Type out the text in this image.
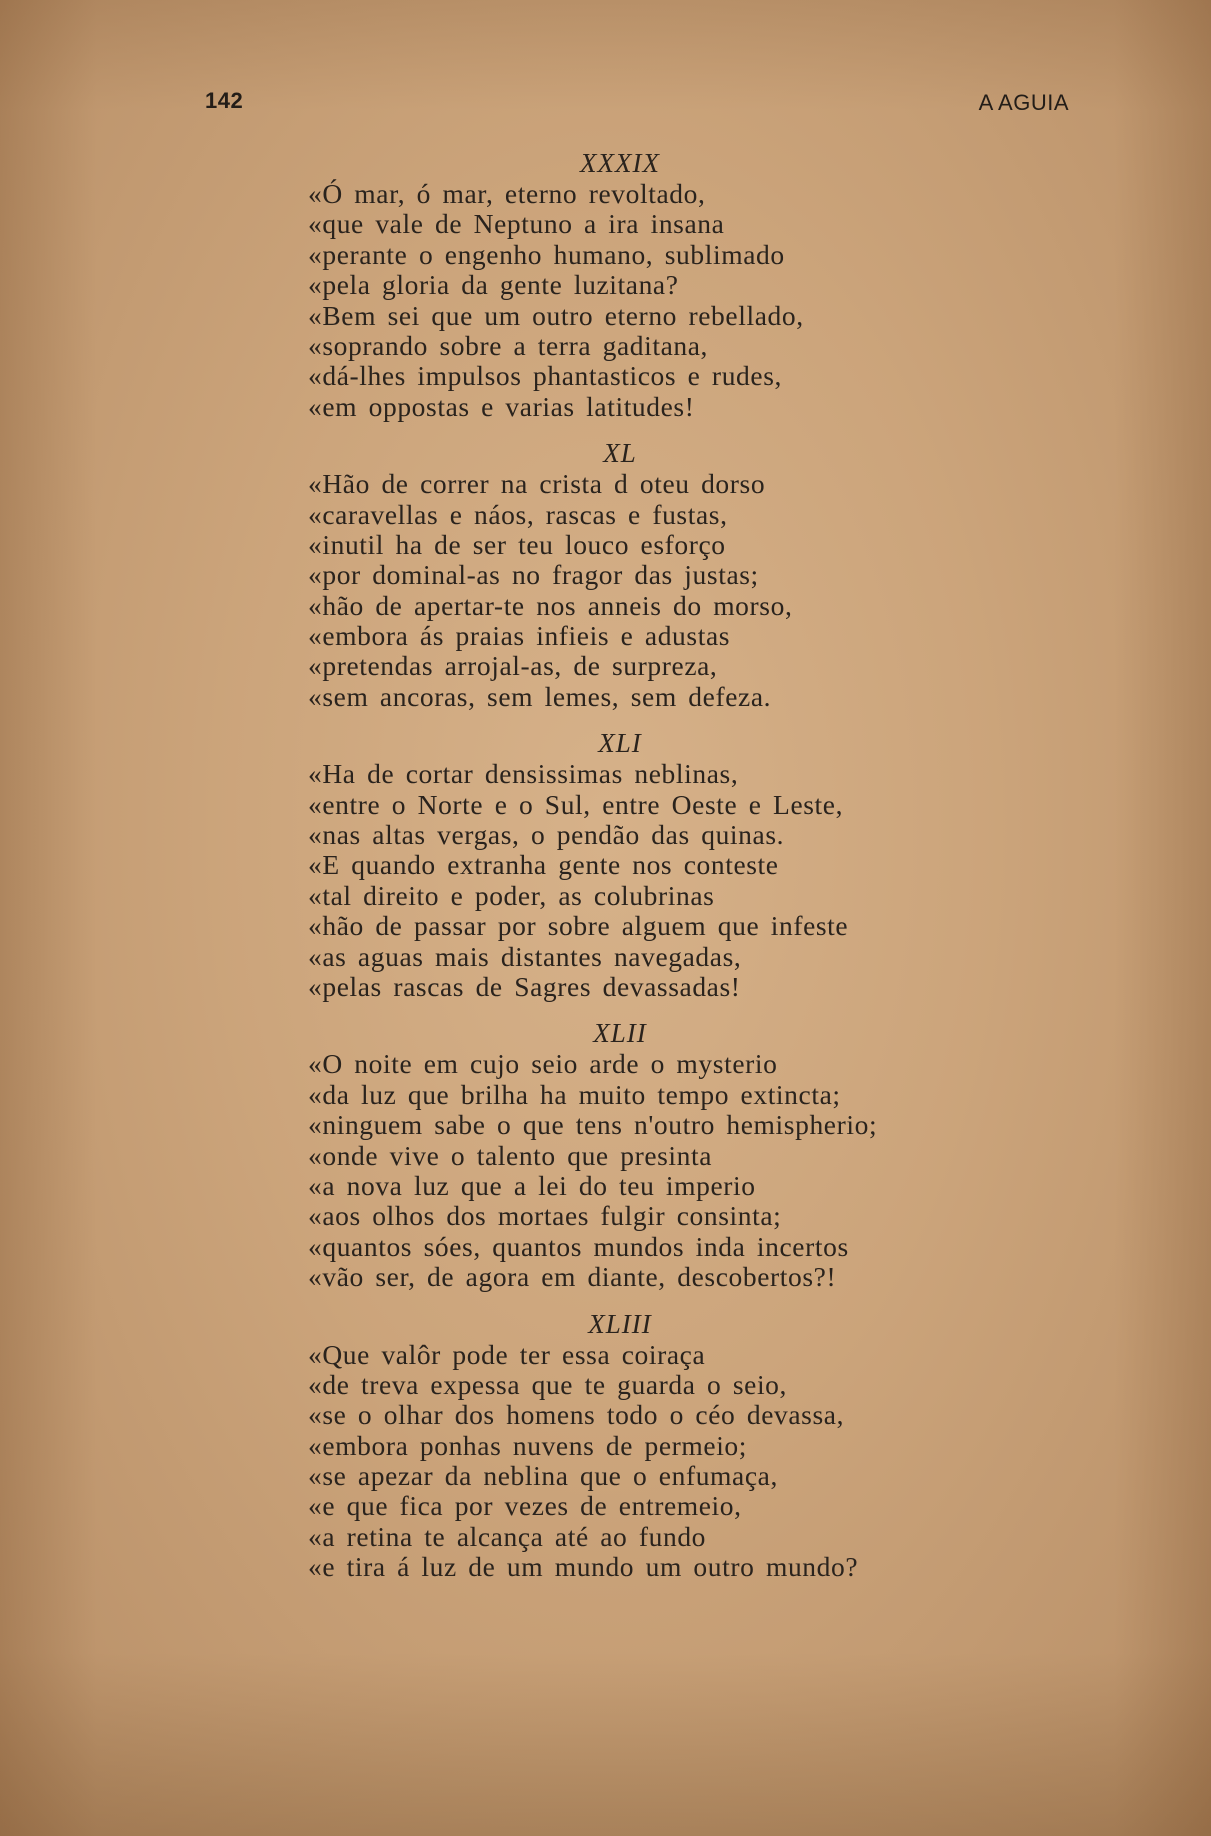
142	A AGUIA
XXXIX
«Ó mar, ó mar, eterno revoltado,
«que vale de Neptuno a ira insana
«perante o engenho humano, sublimado
«pela gloria da gente luzitana?
«Bem sei que um outro eterno rebellado,
«soprando sobre a terra gaditana,
«dá-lhes impulsos phantasticos e rudes,
«em oppostas e varias latitudes!
XL
«Hão de correr na crista d oteu dorso
«caravellas e náos, rascas e fustas,
«inutil ha de ser teu louco esforço
«por dominal-as no fragor das justas;
«hão de apertar-te nos anneis do morso,
«embora ás praias infieis e adustas
«pretendas arrojal-as, de surpreza,
«sem ancoras, sem lemes, sem defeza.
XLI
«Ha de cortar densissimas neblinas,
«entre o Norte e o Sul, entre Oeste e Leste,
«nas altas vergas, o pendão das quinas.
«E quando extranha gente nos conteste
«tal direito e poder, as colubrinas
«hão de passar por sobre alguem que infeste
«as aguas mais distantes navegadas,
«pelas rascas de Sagres devassadas!
XLII
«O noite em cujo seio arde o mysterio
«da luz que brilha ha muito tempo extincta;
«ninguem sabe o que tens n'outro hemispherio;
«onde vive o talento que presinta
«a nova luz que a lei do teu imperio
«aos olhos dos mortaes fulgir consinta;
«quantos sóes, quantos mundos inda incertos
«vão ser, de agora em diante, descobertos?!
XLIII
«Que valôr pode ter essa coiraça
«de treva expessa que te guarda o seio,
«se o olhar dos homens todo o céo devassa,
«embora ponhas nuvens de permeio;
«se apezar da neblina que o enfumaça,
«e que fica por vezes de entremeio,
«a retina te alcança até ao fundo
«e tira á luz de um mundo um outro mundo?
